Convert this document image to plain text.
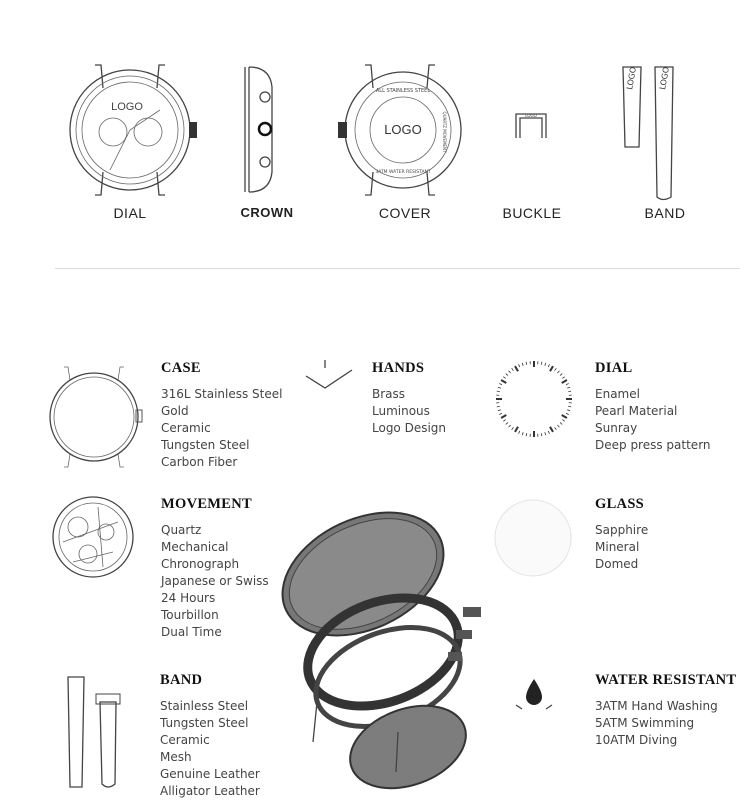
LOGO
LOGO
ALL STAINLESS STEEL
3ATM WATER RESISTANT
QUARTZ MOVEMENT	LOGO
LOGO	LOGO
DIAL	CROWN	COVER	BUCKLE	BAND
CASE
316L Stainless Steel
Gold
Ceramic
Tungsten Steel
Carbon Fiber
HANDS
Brass
Luminous
Logo Design
DIAL
Enamel
Pearl Material
Sunray
Deep press pattern
MOVEMENT
Quartz
Mechanical
Chronograph
Japanese or Swiss
24 Hours
Tourbillon
Dual Time
GLASS
Sapphire
Mineral
Domed
BAND
Stainless Steel
Tungsten Steel
Ceramic
Mesh
Genuine Leather
Alligator Leather
WATER RESISTANT
3ATM Hand Washing
5ATM Swimming
10ATM Diving
